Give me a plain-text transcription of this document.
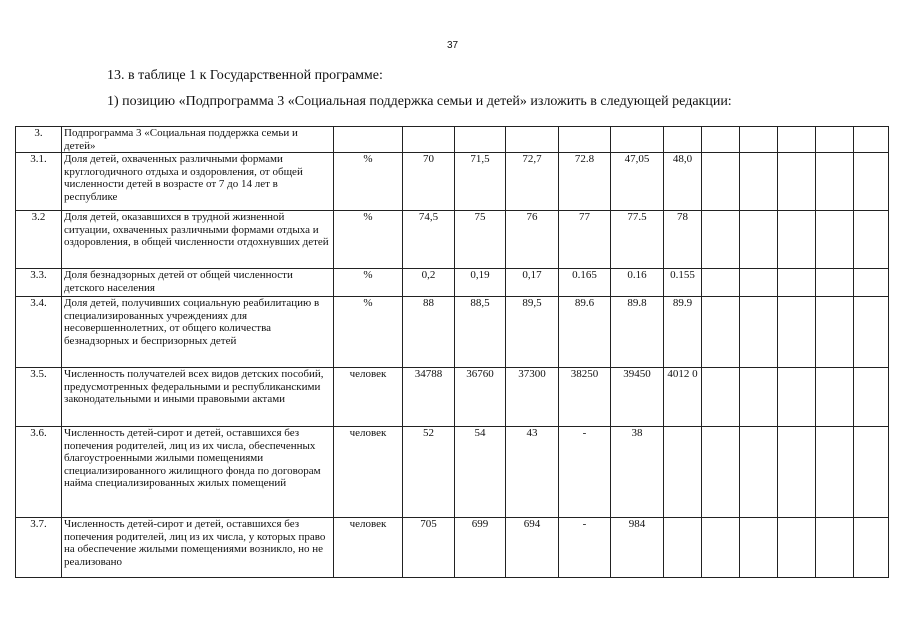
37
13. в таблице 1 к Государственной программе:
1) позицию «Подпрограмма 3 «Социальная поддержка семьи и детей» изложить в следующей редакции:
3.	Подпрограмма 3 «Социальная поддержка семьи и детей»												
3.1.	Доля детей, охваченных различными формами круглогодичного отдыха и оздоровления, от общей численности детей в возрасте от 7 до 14 лет в республике	%	70	71,5	72,7	72.8	47,05	48,0					
3.2	Доля детей, оказавшихся в трудной жизненной ситуации, охваченных различными формами отдыха и оздоровления, в общей численности отдохнувших детей	%	74,5	75	76	77	77.5	78					
3.3.	Доля безнадзорных детей от общей численности детского населения	%	0,2	0,19	0,17	0.165	0.16	0.155					
3.4.	Доля детей, получивших социальную реабилитацию в специализированных учреждениях для несовершеннолетних, от общего количества безнадзорных и беспризорных детей	%	88	88,5	89,5	89.6	89.8	89.9					
3.5.	Численность получателей всех видов детских пособий, предусмотренных федеральными и республиканскими законодательными и иными правовыми актами	человек	34788	36760	37300	38250	39450	4012 0					
3.6.	Численность детей-сирот и детей, оставшихся без попечения родителей, лиц из их числа, обеспеченных благоустроенными жилыми помещениями специализированного жилищного фонда по договорам найма специализированных жилых помещений	человек	52	54	43	-	38						
3.7.	Численность детей-сирот и детей, оставшихся без попечения родителей, лиц из их числа, у которых право на обеспечение жилыми помещениями возникло, но не реализовано	человек	705	699	694	-	984						
